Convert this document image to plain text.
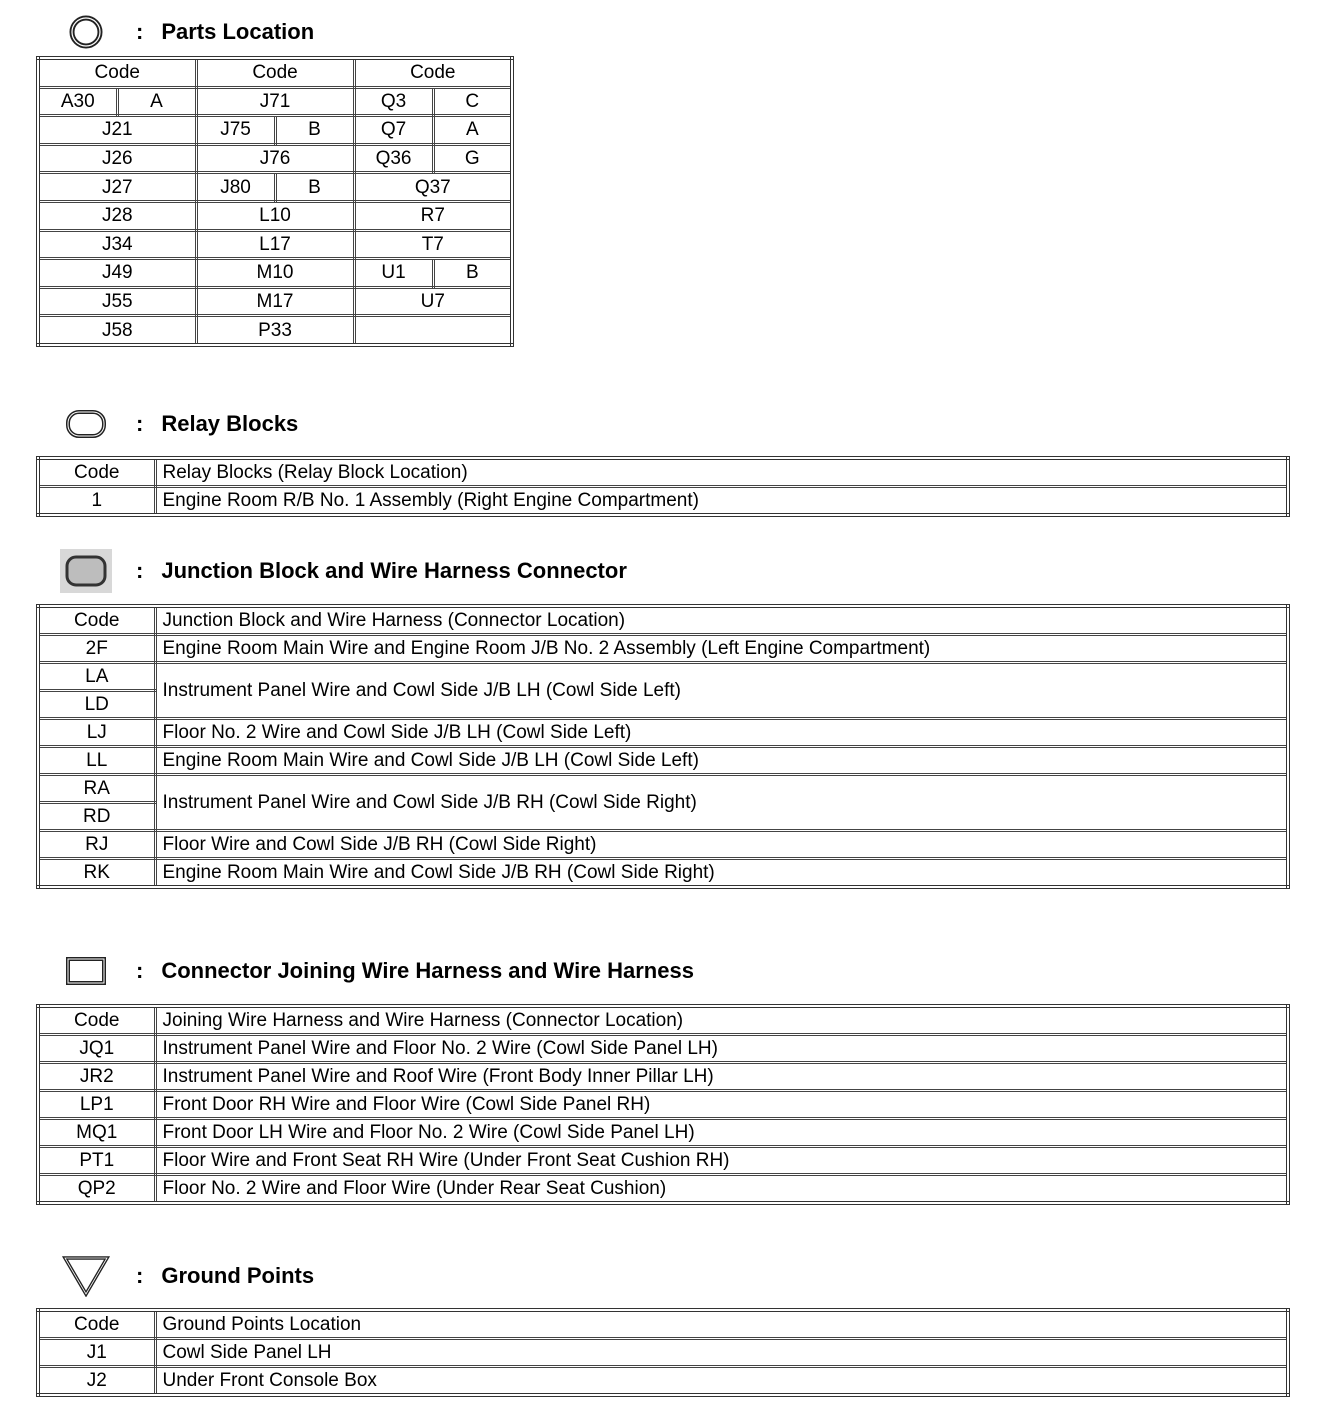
: Parts Location
Code		Code		Code	
A30	A	J71		Q3	C
J21		J75	B	Q7	A
J26		J76		Q36	G
J27		J80	B	Q37	
J28		L10		R7	
J34		L17		T7	
J49		M10		U1	B
J55		M17		U7	
J58		P33			
: Relay Blocks
Code	Relay Blocks (Relay Block Location)
1	Engine Room R/B No. 1 Assembly (Right Engine Compartment)
: Junction Block and Wire Harness Connector
Code	Junction Block and Wire Harness (Connector Location)
2F	Engine Room Main Wire and Engine Room J/B No. 2 Assembly (Left Engine Compartment)
LA	Instrument Panel Wire and Cowl Side J/B LH (Cowl Side Left)
LD	
LJ	Floor No. 2 Wire and Cowl Side J/B LH (Cowl Side Left)
LL	Engine Room Main Wire and Cowl Side J/B LH (Cowl Side Left)
RA	Instrument Panel Wire and Cowl Side J/B RH (Cowl Side Right)
RD	
RJ	Floor Wire and Cowl Side J/B RH (Cowl Side Right)
RK	Engine Room Main Wire and Cowl Side J/B RH (Cowl Side Right)
: Connector Joining Wire Harness and Wire Harness
Code	Joining Wire Harness and Wire Harness (Connector Location)
JQ1	Instrument Panel Wire and Floor No. 2 Wire (Cowl Side Panel LH)
JR2	Instrument Panel Wire and Roof Wire (Front Body Inner Pillar LH)
LP1	Front Door RH Wire and Floor Wire (Cowl Side Panel RH)
MQ1	Front Door LH Wire and Floor No. 2 Wire (Cowl Side Panel LH)
PT1	Floor Wire and Front Seat RH Wire (Under Front Seat Cushion RH)
QP2	Floor No. 2 Wire and Floor Wire (Under Rear Seat Cushion)
: Ground Points
Code	Ground Points Location
J1	Cowl Side Panel LH
J2	Under Front Console Box
